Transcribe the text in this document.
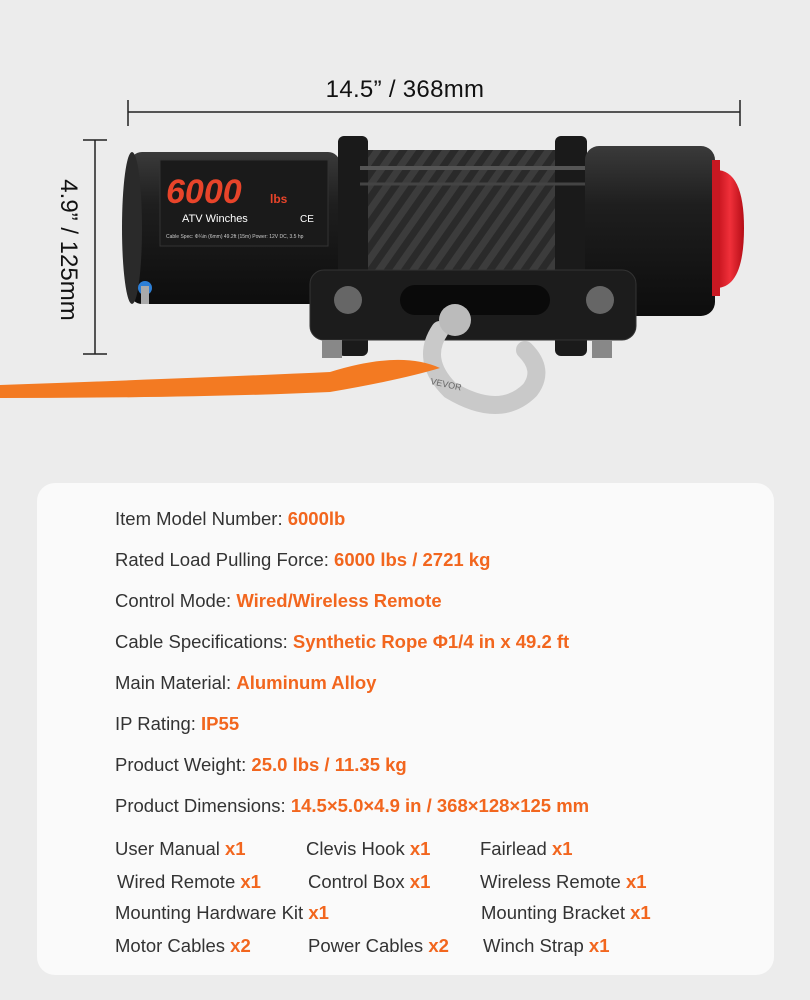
14.5” / 368mm
4.9” / 125mm 6000 lbs
ATV Winches	CE
Cable Spec: Φ¼in (6mm) 49.2ft (15m) Power: 12V DC, 3.5 hp
VEVOR
Item Model Number: 6000lb
Rated Load Pulling Force: 6000 lbs / 2721 kg
Control Mode: Wired/Wireless Remote
Cable Specifications: Synthetic Rope Φ1/4 in x 49.2 ft
Main Material: Aluminum Alloy
IP Rating: IP55
Product Weight: 25.0 lbs / 11.35 kg
Product Dimensions: 14.5×5.0×4.9 in / 368×128×125 mm
User Manual x1	Clevis Hook x1	Fairlead x1
Wired Remote x1	Control Box x1	Wireless Remote x1
Mounting Hardware Kit x1	Mounting Bracket x1
Motor Cables x2	Power Cables x2 Winch Strap x1
